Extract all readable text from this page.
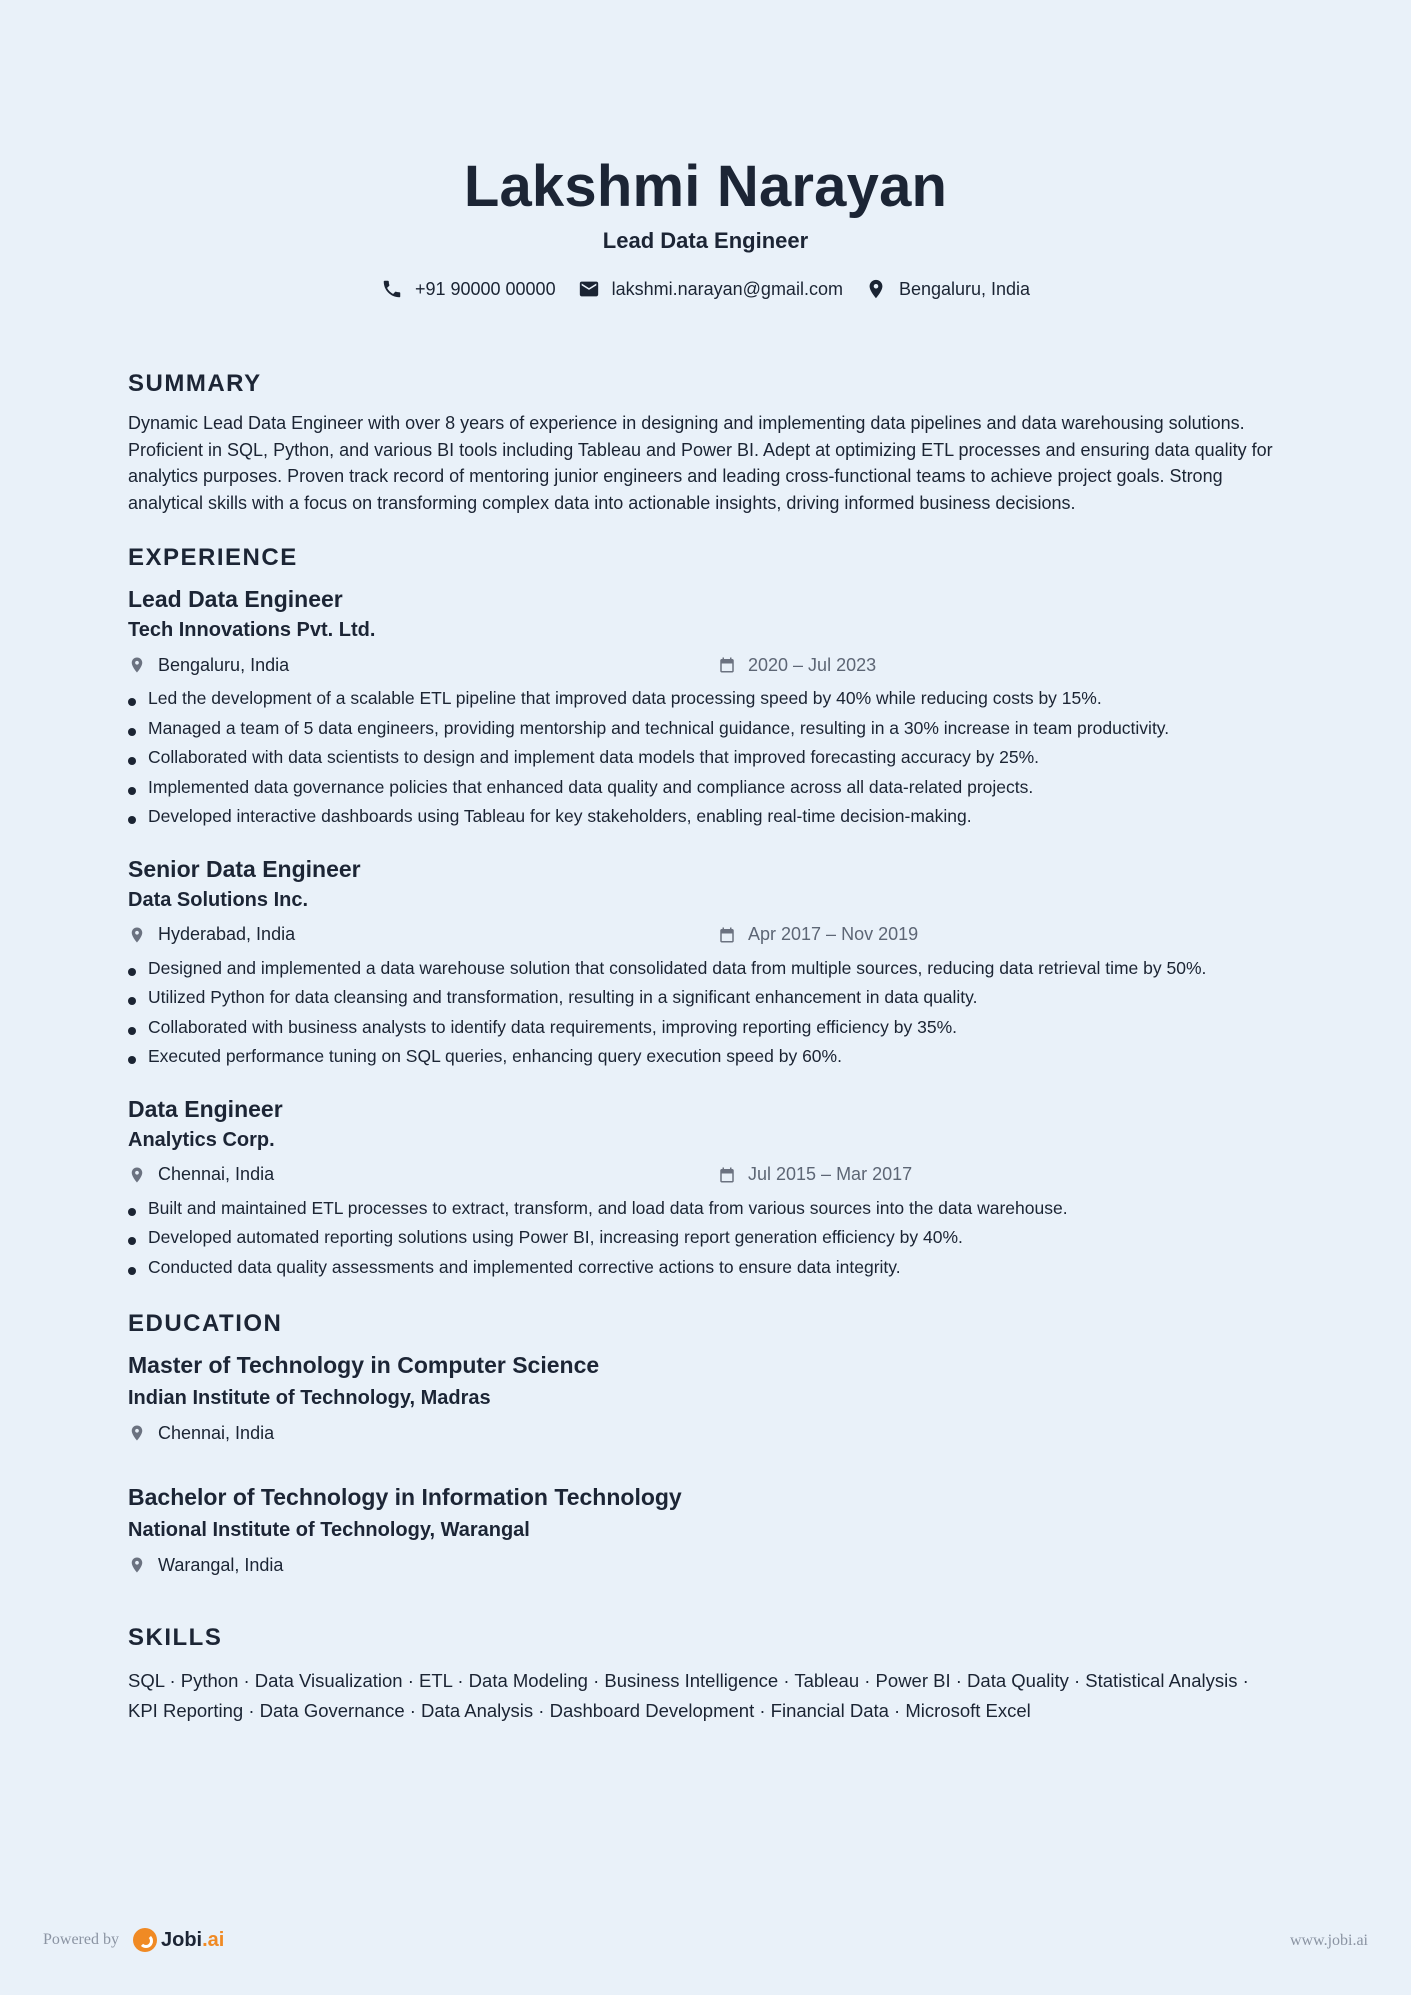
Lakshmi Narayan
Lead Data Engineer
+91 90000 00000	lakshmi.narayan@gmail.com	Bengaluru, India
SUMMARY

Dynamic Lead Data Engineer with over 8 years of experience in designing and implementing data pipelines and data warehousing solutions. Proficient in SQL, Python, and various BI tools including Tableau and Power BI. Adept at optimizing ETL processes and ensuring data quality for analytics purposes. Proven track record of mentoring junior engineers and leading cross-functional teams to achieve project goals. Strong analytical skills with a focus on transforming complex data into actionable insights, driving informed business decisions.

EXPERIENCE
Lead Data Engineer
Tech Innovations Pvt. Ltd.
Bengaluru, India	2020 – Jul 2023
Led the development of a scalable ETL pipeline that improved data processing speed by 40% while reducing costs by 15%.
Managed a team of 5 data engineers, providing mentorship and technical guidance, resulting in a 30% increase in team productivity.
Collaborated with data scientists to design and implement data models that improved forecasting accuracy by 25%.
Implemented data governance policies that enhanced data quality and compliance across all data-related projects.
Developed interactive dashboards using Tableau for key stakeholders, enabling real-time decision-making.
Senior Data Engineer
Data Solutions Inc.
Hyderabad, India	Apr 2017 – Nov 2019
Designed and implemented a data warehouse solution that consolidated data from multiple sources, reducing data retrieval time by 50%.
Utilized Python for data cleansing and transformation, resulting in a significant enhancement in data quality.
Collaborated with business analysts to identify data requirements, improving reporting efficiency by 35%.
Executed performance tuning on SQL queries, enhancing query execution speed by 60%.
Data Engineer
Analytics Corp.
Chennai, India	Jul 2015 – Mar 2017
Built and maintained ETL processes to extract, transform, and load data from various sources into the data warehouse.
Developed automated reporting solutions using Power BI, increasing report generation efficiency by 40%.
Conducted data quality assessments and implemented corrective actions to ensure data integrity.
EDUCATION
Master of Technology in Computer Science
Indian Institute of Technology, Madras
Chennai, India
Bachelor of Technology in Information Technology
National Institute of Technology, Warangal
Warangal, India
SKILLS

SQL · Python · Data Visualization · ETL · Data Modeling · Business Intelligence · Tableau · Power BI · Data Quality · Statistical Analysis · KPI Reporting · Data Governance · Data Analysis · Dashboard Development · Financial Data · Microsoft Excel

Powered by Jobi.ai	www.jobi.ai
